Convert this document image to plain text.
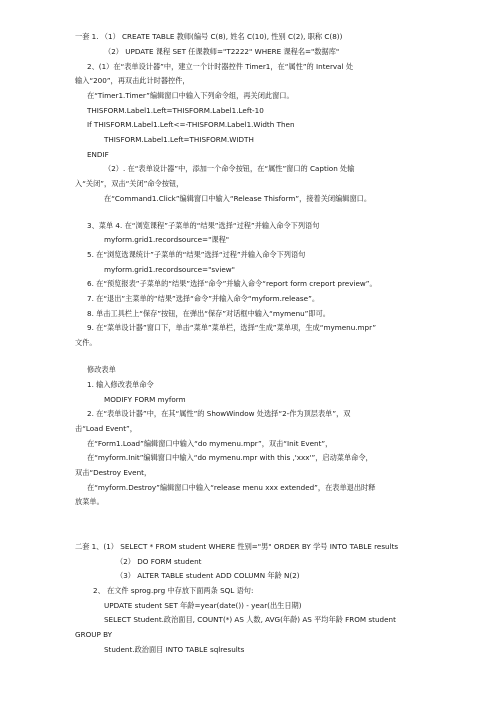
一套 1. （1） CREATE TABLE 教师(编号 C(8), 姓名 C(10), 性别 C(2), 职称 C(8))
（2） UPDATE 课程 SET 任课教师="T2222" WHERE 课程名="数据库"
2、(1）在“表单设计器”中，建立一个计时器控件 Timer1，在“属性”的 Interval 处
输入“200”，再双击此计时器控件，
在“Timer1.Timer”编辑窗口中输入下列命令组，再关闭此窗口。
THISFORM.Label1.Left=THISFORM.Label1.Left-10
If THISFORM.Label1.Left<=-THISFORM.Label1.Width Then
THISFORM.Label1.Left=THISFORM.WIDTH
ENDIF
（2）. 在“表单设计器”中，添加一个命令按钮，在“属性”窗口的 Caption 处输
入“关闭”，双击“关闭”命令按钮，
在“Command1.Click”编辑窗口中输入“Release Thisform”，接着关闭编辑窗口。
3、菜单 4. 在“浏览课程”子菜单的“结果”选择“过程”并输入命令下列语句
myform.grid1.recordsource="课程"
5. 在“浏览选课统计”子菜单的“结果”选择“过程”并输入命令下列语句
myform.grid1.recordsource="sview"
6. 在“预览报表”子菜单的“结果”选择“命令”并输入命令“report form creport preview”。
7. 在“退出”主菜单的“结果”选择“命令”并输入命令“myform.release”。
8. 单击工具栏上“保存”按钮，在弹出“保存”对话框中输入“mymenu”即可。
9. 在“菜单设计器”窗口下，单击“菜单”菜单栏，选择“生成”菜单项，生成“mymenu.mpr”
文件。
修改表单
1. 输入修改表单命令
MODIFY FORM myform
2. 在“表单设计器”中，在其“属性”的 ShowWindow 处选择“2-作为顶层表单”，双
击“Load Event”，
在“Form1.Load”编辑窗口中输入“do mymenu.mpr”，双击“Init Event”，
在“myform.Init”编辑窗口中输入“do mymenu.mpr with this ,'xxx'”，启动菜单命令，
双击“Destroy Event，
在“myform.Destroy”编辑窗口中输入“release menu xxx extended”，在表单退出时释
放菜单。
二套 1、(1） SELECT * FROM student WHERE 性别="男" ORDER BY 学号 INTO TABLE results
（2） DO FORM student
（3） ALTER TABLE student ADD COLUMN 年龄 N(2)
2、 在文件 sprog.prg 中存放下面两条 SQL 语句:
UPDATE student SET 年龄=year(date()) - year(出生日期)
SELECT Student.政治面目, COUNT(*) AS 人数, AVG(年龄) AS 平均年龄 FROM student
GROUP BY
Student.政治面目 INTO TABLE sqlresults
